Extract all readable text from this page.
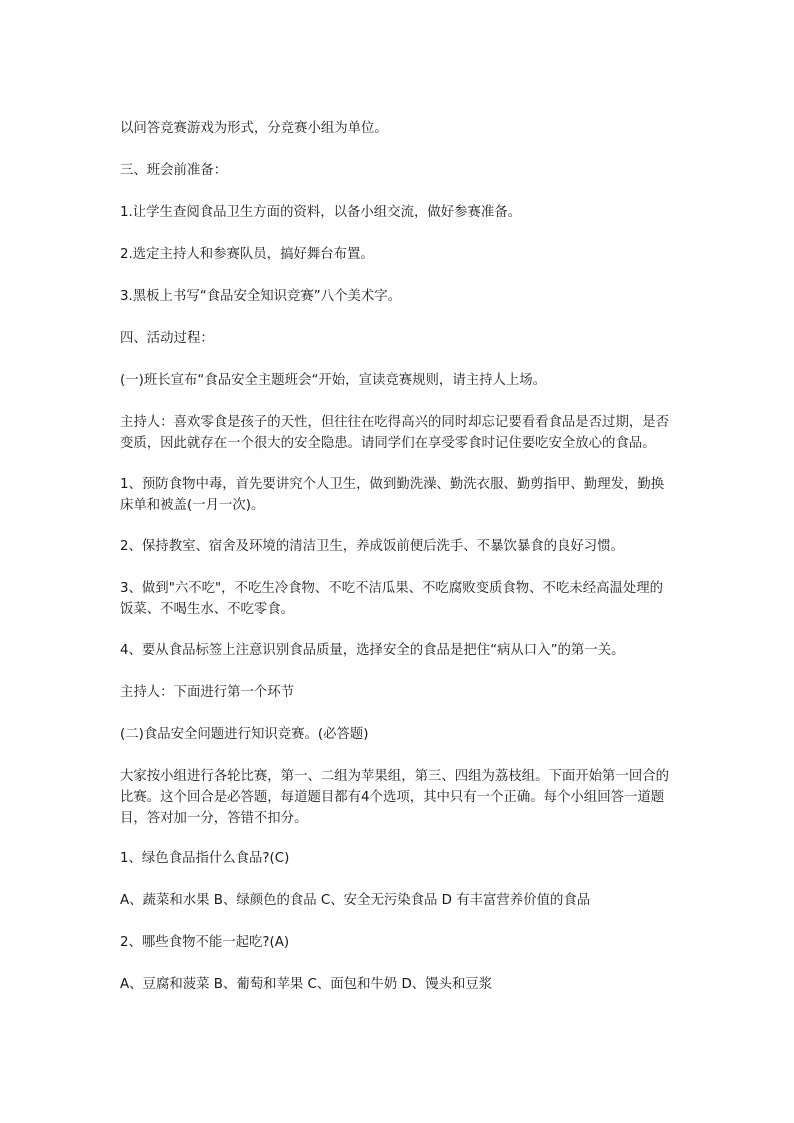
以问答竞赛游戏为形式，分竞赛小组为单位。
三、班会前准备：
1.让学生查阅食品卫生方面的资料，以备小组交流，做好参赛准备。
2.选定主持人和参赛队员，搞好舞台布置。
3.黑板上书写“食品安全知识竞赛”八个美术字。
四、活动过程：
(一)班长宣布“食品安全主题班会“开始，宣读竞赛规则，请主持人上场。
主持人：喜欢零食是孩子的天性，但往往在吃得高兴的同时却忘记要看看食品是否过期，是否变质，因此就存在一个很大的安全隐患。请同学们在享受零食时记住要吃安全放心的食品。
1、预防食物中毒，首先要讲究个人卫生，做到勤洗澡、勤洗衣服、勤剪指甲、勤理发，勤换床单和被盖(一月一次)。
2、保持教室、宿舍及环境的清洁卫生，养成饭前便后洗手、不暴饮暴食的良好习惯。
3、做到"六不吃"，不吃生冷食物、不吃不洁瓜果、不吃腐败变质食物、不吃未经高温处理的饭菜、不喝生水、不吃零食。
4、要从食品标签上注意识别食品质量，选择安全的食品是把住“病从口入”的第一关。
主持人：下面进行第一个环节
(二)食品安全问题进行知识竞赛。(必答题)
大家按小组进行各轮比赛，第一、二组为苹果组，第三、四组为荔枝组。下面开始第一回合的比赛。这个回合是必答题，每道题目都有4个选项，其中只有一个正确。每个小组回答一道题目，答对加一分，答错不扣分。
1、绿色食品指什么食品?(C)
A、蔬菜和水果 B、绿颜色的食品 C、安全无污染食品 D 有丰富营养价值的食品
2、哪些食物不能一起吃?(A)
A、豆腐和菠菜 B、葡萄和苹果 C、面包和牛奶 D、馒头和豆浆
